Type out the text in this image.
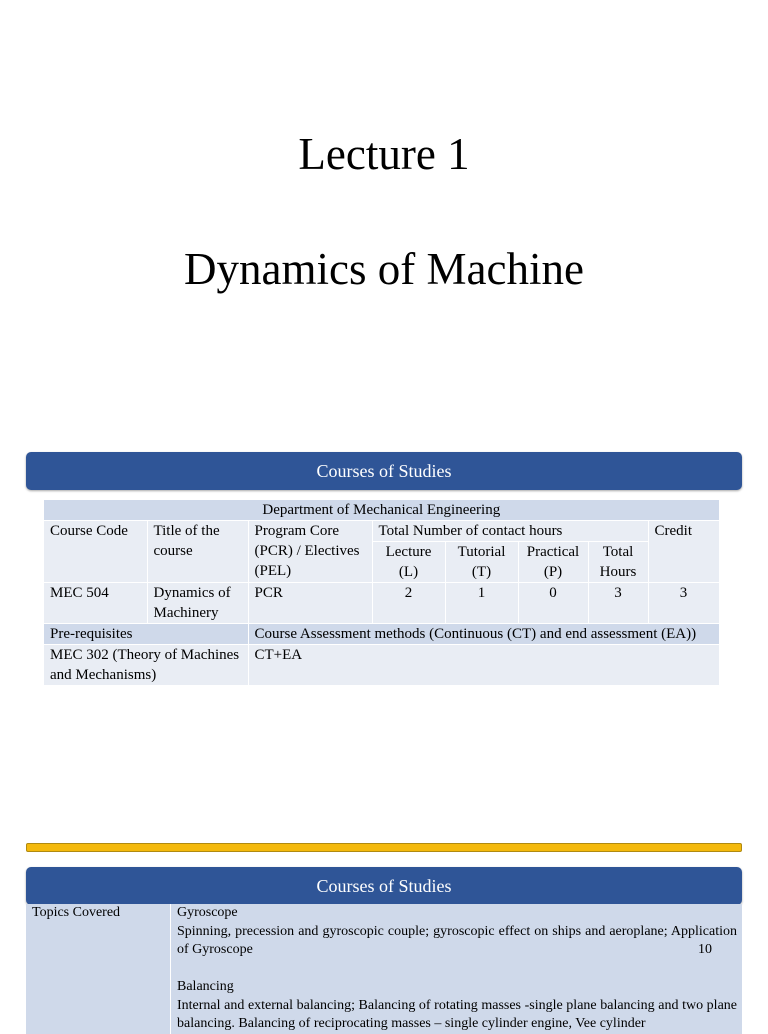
Lecture 1
Dynamics of Machine
Courses of Studies
Department of Mechanical Engineering							
Course Code	Title of the course	Program Core (PCR) / Electives (PEL)	Total Number of contact hours				Credit
			Lecture (L)	Tutorial (T)	Practical (P)	Total Hours	
MEC 504	Dynamics of Machinery	PCR	2	1	0	3	3
Pre-requisites		Course Assessment methods (Continuous (CT) and end assessment (EA))					
MEC 302 (Theory of Machines and Mechanisms)		CT+EA					
Courses of Studies
Topics Covered	Gyroscope
Spinning, precession and gyroscopic couple; gyroscopic effect on ships and aeroplane; Application of Gyroscope	10
Balancing
Internal and external balancing; Balancing of rotating masses -single plane balancing and two plane balancing. Balancing of reciprocating masses – single cylinder engine, Vee cylinder
